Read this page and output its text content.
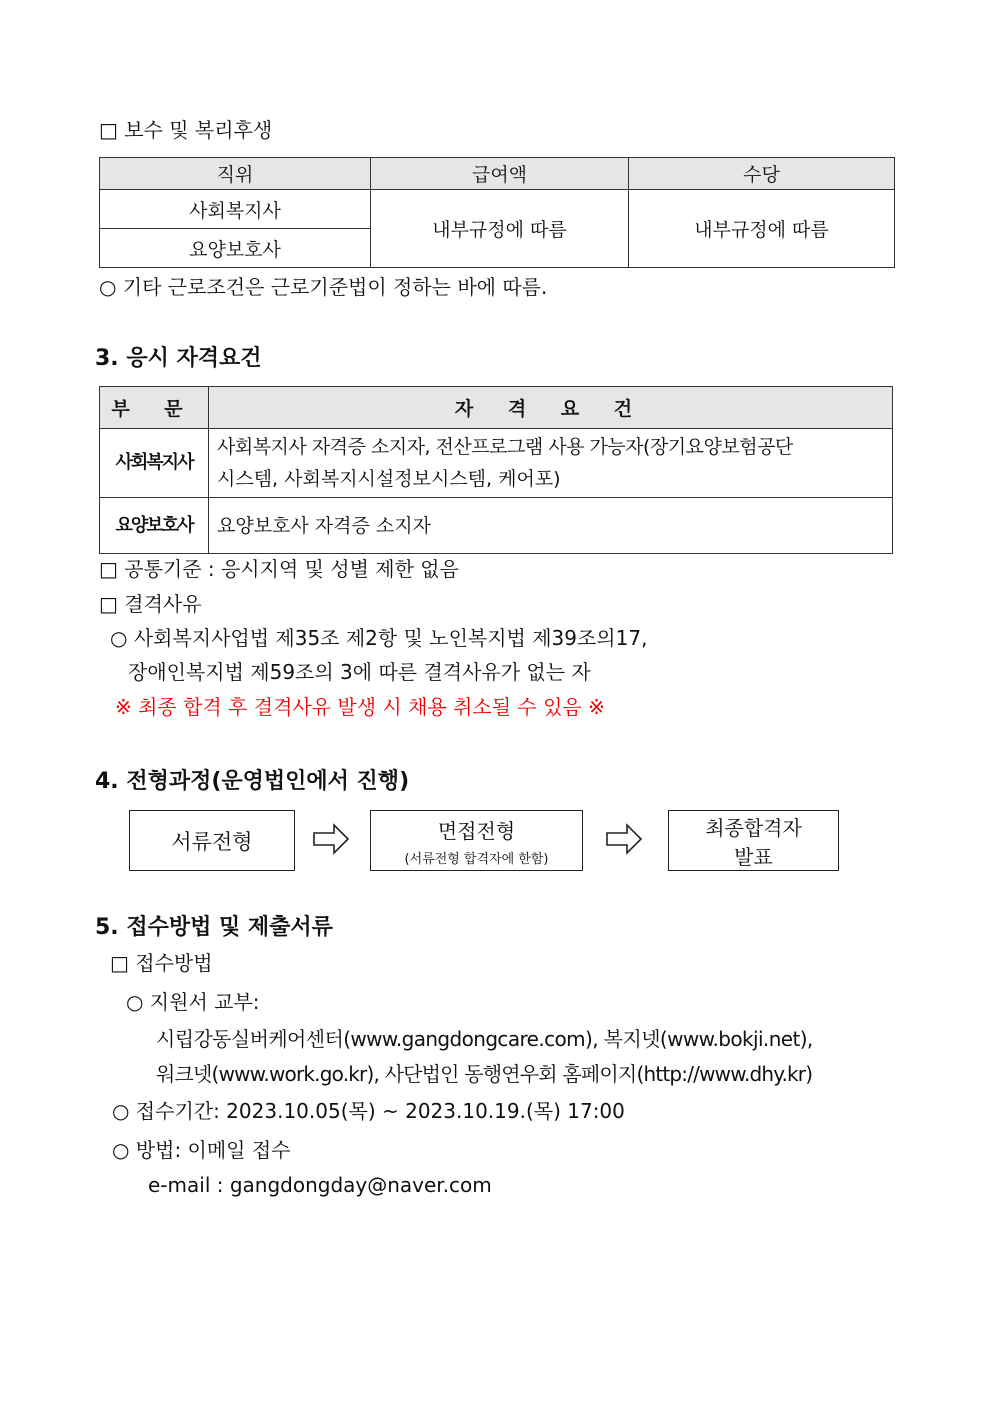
□ 보수 및 복리후생
직위	급여액	수당
사회복지사	내부규정에 따름	내부규정에 따름
요양보호사		
○ 기타 근로조건은 근로기준법이 정하는 바에 따름.
3. 응시 자격요건
부 문	자 격 요 건
사회복지사	사회복지사 자격증 소지자, 전산프로그램 사용 가능자(장기요양보험공단
시스템, 사회복지시설정보시스템, 케어포)

요양보호사	요양보호사 자격증 소지자
□ 공통기준 : 응시지역 및 성별 제한 없음
□ 결격사유
○ 사회복지사업법 제35조 제2항 및 노인복지법 제39조의17,
장애인복지법 제59조의 3에 따른 결격사유가 없는 자
※ 최종 합격 후 결격사유 발생 시 채용 취소될 수 있음 ※
4. 전형과정(운영법인에서 진행)
서류전형	면접전형
(서류전형 합격자에 한함)
최종합격자
발표
5. 접수방법 및 제출서류
□ 접수방법
○ 지원서 교부:
시립강동실버케어센터(www.gangdongcare.com), 복지넷(www.bokji.net),
워크넷(www.work.go.kr), 사단법인 동행연우회 홈페이지(http://www.dhy.kr)
○ 접수기간: 2023.10.05(목) ~ 2023.10.19.(목) 17:00
○ 방법: 이메일 접수
e-mail : gangdongday@naver.com
